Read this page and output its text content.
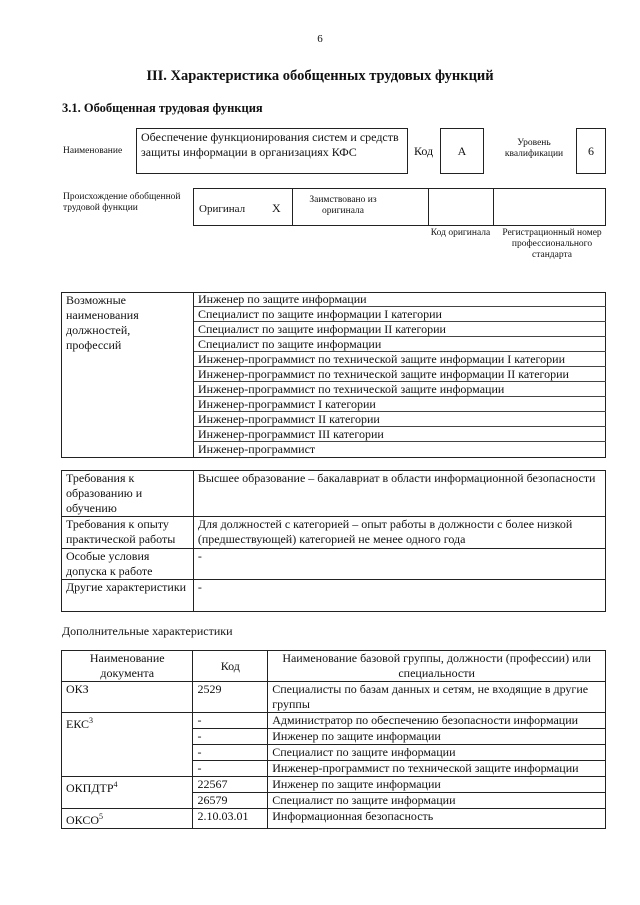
6
III. Характеристика обобщенных трудовых функций
3.1. Обобщенная трудовая функция
Наименование
Обеспечение функционирования систем и средств защиты информации в организациях КФС	Код	A
Уровень квалификации	6
Происхождение обобщенной трудовой функции	Оригинал X
Заимствовано из оригинала
Код оригинала	Регистрационный номер профессионального стандарта
Возможные наименования должностей, профессий
Инженер по защите информации
Специалист по защите информации I категории
Специалист по защите информации II категории
Специалист по защите информации
Инженер-программист по технической защите информации I категории
Инженер-программист по технической защите информации II категории
Инженер-программист по технической защите информации
Инженер-программист I категории
Инженер-программист II категории
Инженер-программист III категории
Инженер-программист
Требования к образованию и обучению	Высшее образование – бакалавриат в области информационной безопасности
Требования к опыту практической работы	Для должностей с категорией – опыт работы в должности с более низкой (предшествующей) категорией не менее одного года
Особые условия допуска к работе	-
Другие характеристики	-
Дополнительные характеристики
Наименование документа	Код	Наименование базовой группы, должности (профессии) или специальности
ОКЗ	2529	Специалисты по базам данных и сетям, не входящие в другие группы
ЕКС$^3$	-	Администратор по обеспечению безопасности информации
	-	Инженер по защите информации
	-	Специалист по защите информации
	-	Инженер-программист по технической защите информации
ОКПДТР$^4$	22567	Инженер по защите информации
	26579	Специалист по защите информации
ОКСО$^5$	2.10.03.01	Информационная безопасность
